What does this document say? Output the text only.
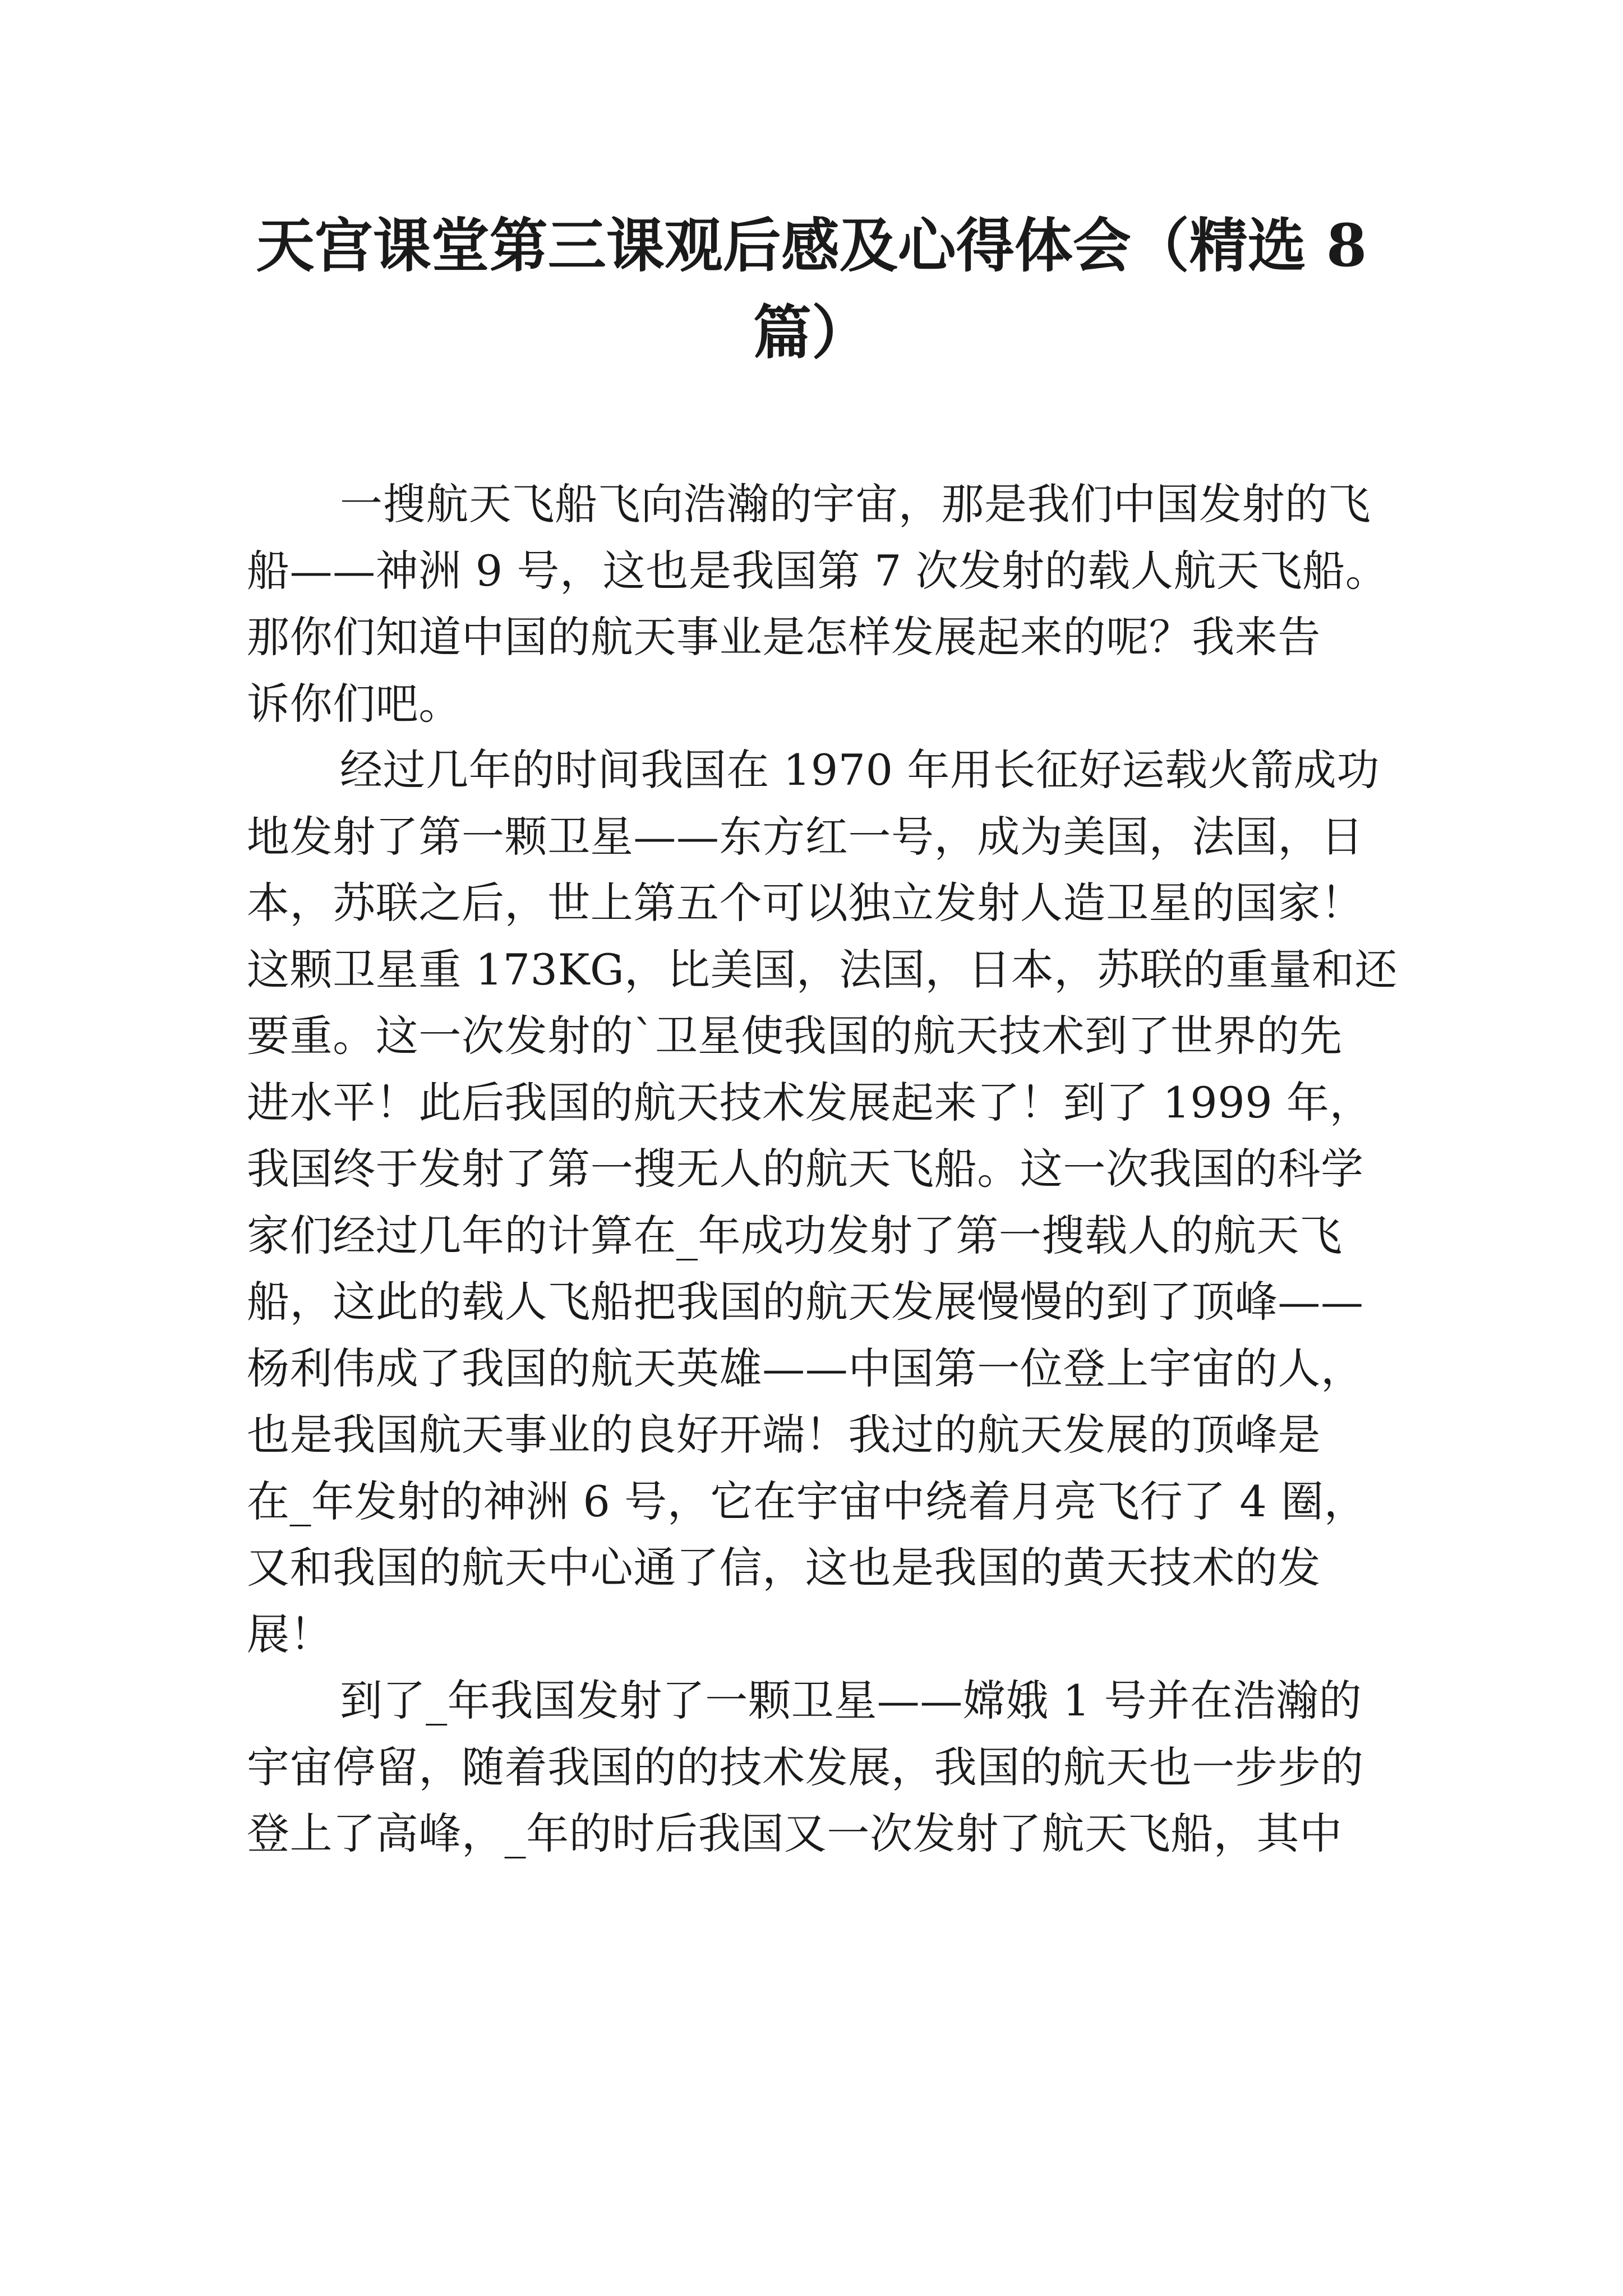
天宫课堂第三课观后感及心得体会（精选 8
篇）

一搜航天飞船飞向浩瀚的宇宙，那是我们中国发射的飞
船——神洲 9 号，这也是我国第 7 次发射的载人航天飞船。
那你们知道中国的航天事业是怎样发展起来的呢？我来告
诉你们吧。

经过几年的时间我国在 1970 年用长征好运载火箭成功
地发射了第一颗卫星——东方红一号，成为美国，法国，日
本，苏联之后，世上第五个可以独立发射人造卫星的国家！
这颗卫星重 173KG，比美国，法国，日本，苏联的重量和还
要重。这一次发射的`卫星使我国的航天技术到了世界的先
进水平！此后我国的航天技术发展起来了！到了 1999 年，
我国终于发射了第一搜无人的航天飞船。这一次我国的科学
家们经过几年的计算在_年成功发射了第一搜载人的航天飞
船，这此的载人飞船把我国的航天发展慢慢的到了顶峰——
杨利伟成了我国的航天英雄——中国第一位登上宇宙的人，
也是我国航天事业的良好开端！我过的航天发展的顶峰是
在_年发射的神洲 6 号，它在宇宙中绕着月亮飞行了 4 圈，
又和我国的航天中心通了信，这也是我国的黄天技术的发
展！

到了_年我国发射了一颗卫星——嫦娥 1 号并在浩瀚的
宇宙停留，随着我国的的技术发展，我国的航天也一步步的
登上了高峰，_年的时后我国又一次发射了航天飞船，其中
